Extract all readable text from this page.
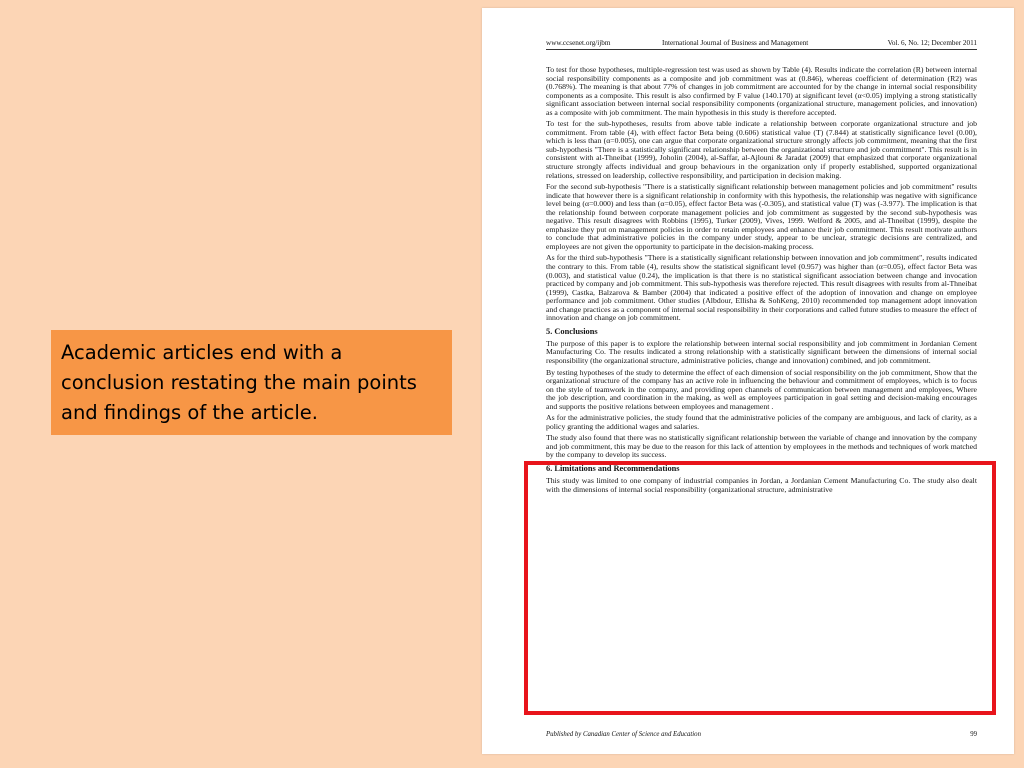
Academic articles end with a conclusion restating the main points and findings of the article.
www.ccsenet.org/ijbm	International Journal of Business and Management	Vol. 6, No. 12; December 2011

To test for those hypotheses, multiple-regression test was used as shown by Table (4). Results indicate the correlation (R) between internal social responsibility components as a composite and job commitment was at (0.846), whereas coefficient of determination (R2) was (0.768%). The meaning is that about 77% of changes in job commitment are accounted for by the change in internal social responsibility components as a composite. This result is also confirmed by F value (140.170) at significant level (α<0.05) implying a strong statistically significant association between internal social responsibility components (organizational structure, management policies, and innovation) as a composite with job commitment. The main hypothesis in this study is therefore accepted.

To test for the sub-hypotheses, results from above table indicate a relationship between corporate organizational structure and job commitment. From table (4), with effect factor Beta being (0.606) statistical value (T) (7.844) at statistically significance level (0.00), which is less than (α=0.005), one can argue that corporate organizational structure strongly affects job commitment, meaning that the first sub-hypothesis "There is a statistically significant relationship between the organizational structure and job commitment". This result is in consistent with al-Thneibat (1999), Joholin (2004), al-Saffar, al-Ajlouni & Jaradat (2009) that emphasized that corporate organizational structure strongly affects individual and group behaviours in the organization only if properly established, supported organizational relations, stressed on leadership, collective responsibility, and participation in decision making.

For the second sub-hypothesis "There is a statistically significant relationship between management policies and job commitment" results indicate that however there is a significant relationship in conformity with this hypothesis, the relationship was negative with significance level being (α=0.000) and less than (α=0.05), effect factor Beta was (-0.305), and statistical value (T) was (-3.977). The implication is that the relationship found between corporate management policies and job commitment as suggested by the second sub-hypothesis was negative. This result disagrees with Robbins (1995), Turker (2009), Vives, 1999. Welford & 2005, and al-Thneibat (1999), despite the emphasize they put on management policies in order to retain employees and enhance their job commitment. This result motivate authors to conclude that administrative policies in the company under study, appear to be unclear, strategic decisions are centralized, and employees are not given the opportunity to participate in the decision-making process.

As for the third sub-hypothesis "There is a statistically significant relationship between innovation and job commitment", results indicated the contrary to this. From table (4), results show the statistical significant level (0.957) was higher than (α=0.05), effect factor Beta was (0.003), and statistical value (0.24), the implication is that there is no statistical significant association between change and invocation practiced by company and job commitment. This sub-hypothesis was therefore rejected. This result disagrees with results from al-Thneibat (1999), Castka, Balzarova & Bamber (2004) that indicated a positive effect of the adoption of innovation and change on employee performance and job commitment. Other studies (Albdour, Ellisha & SohKeng, 2010) recommended top management adopt innovation and change practices as a component of internal social responsibility in their corporations and called future studies to measure the effect of innovation and change on job commitment.

5. Conclusions

The purpose of this paper is to explore the relationship between internal social responsibility and job commitment in Jordanian Cement Manufacturing Co. The results indicated a strong relationship with a statistically significant between the dimensions of internal social responsibility (the organizational structure, administrative policies, change and innovation) combined, and job commitment.

By testing hypotheses of the study to determine the effect of each dimension of social responsibility on the job commitment, Show that the organizational structure of the company has an active role in influencing the behaviour and commitment of employees, which is to focus on the style of teamwork in the company, and providing open channels of communication between management and employees, Where the job description, and coordination in the making, as well as employees participation in goal setting and decision-making encourages and supports the positive relations between employees and management .

As for the administrative policies, the study found that the administrative policies of the company are ambiguous, and lack of clarity, as a policy granting the additional wages and salaries.

The study also found that there was no statistically significant relationship between the variable of change and innovation by the company and job commitment, this may be due to the reason for this lack of attention by employees in the methods and techniques of work matched by the company to develop its success.

6. Limitations and Recommendations

This study was limited to one company of industrial companies in Jordan, a Jordanian Cement Manufacturing Co. The study also dealt with the dimensions of internal social responsibility (organizational structure, administrative

Published by Canadian Center of Science and Education	99
